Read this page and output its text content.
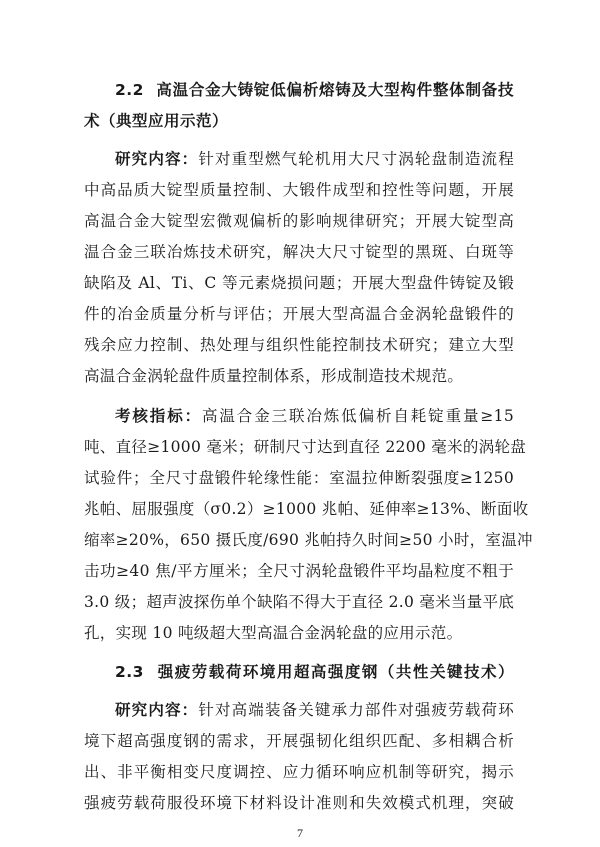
2.2 高温合金大铸锭低偏析熔铸及大型构件整体制备技
术（典型应用示范）
研究内容：针对重型燃气轮机用大尺寸涡轮盘制造流程
中高品质大锭型质量控制、大锻件成型和控性等问题，开展
高温合金大锭型宏微观偏析的影响规律研究；开展大锭型高
温合金三联冶炼技术研究，解决大尺寸锭型的黑斑、白斑等
缺陷及 Al、Ti、C 等元素烧损问题；开展大型盘件铸锭及锻
件的冶金质量分析与评估；开展大型高温合金涡轮盘锻件的
残余应力控制、热处理与组织性能控制技术研究；建立大型
高温合金涡轮盘件质量控制体系，形成制造技术规范。
考核指标：高温合金三联冶炼低偏析自耗锭重量≥15
吨、直径≥1000 毫米；研制尺寸达到直径 2200 毫米的涡轮盘
试验件；全尺寸盘锻件轮缘性能：室温拉伸断裂强度≥1250
兆帕、屈服强度（σ0.2）≥1000 兆帕、延伸率≥13%、断面收
缩率≥20%，650 摄氏度/690 兆帕持久时间≥50 小时，室温冲
击功≥40 焦/平方厘米；全尺寸涡轮盘锻件平均晶粒度不粗于
3.0 级；超声波探伤单个缺陷不得大于直径 2.0 毫米当量平底
孔，实现 10 吨级超大型高温合金涡轮盘的应用示范。
2.3 强疲劳载荷环境用超高强度钢（共性关键技术）
研究内容：针对高端装备关键承力部件对强疲劳载荷环
境下超高强度钢的需求，开展强韧化组织匹配、多相耦合析
出、非平衡相变尺度调控、应力循环响应机制等研究，揭示
强疲劳载荷服役环境下材料设计准则和失效模式机理，突破
7
